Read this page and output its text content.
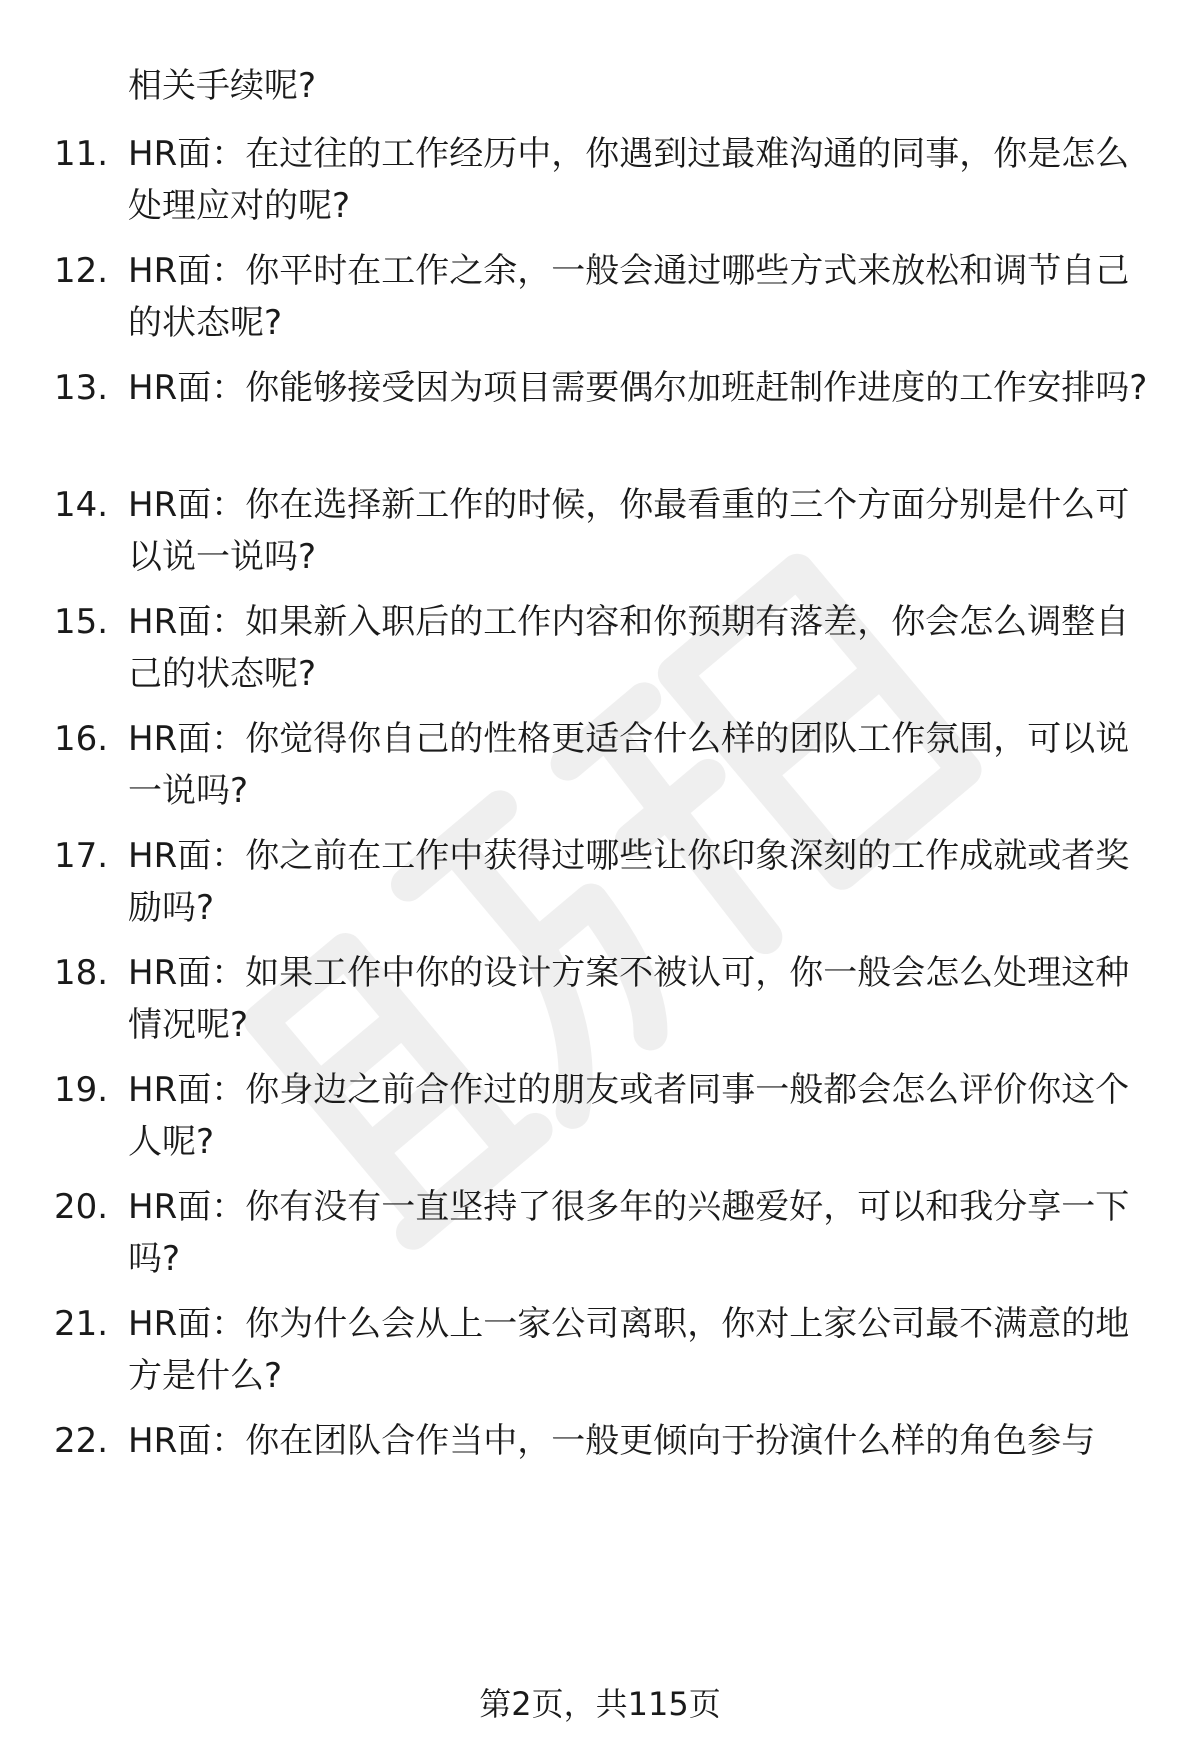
相关手续呢?
11. HR面：在过往的工作经历中，你遇到过最难沟通的同事，你是怎么处理应对的呢?
12. HR面：你平时在工作之余，一般会通过哪些方式来放松和调节自己的状态呢?
13. HR面：你能够接受因为项目需要偶尔加班赶制作进度的工作安排吗?
14. HR面：你在选择新工作的时候，你最看重的三个方面分别是什么可以说一说吗?
15. HR面：如果新入职后的工作内容和你预期有落差，你会怎么调整自己的状态呢?
16. HR面：你觉得你自己的性格更适合什么样的团队工作氛围，可以说一说吗?
17. HR面：你之前在工作中获得过哪些让你印象深刻的工作成就或者奖励吗?
18. HR面：如果工作中你的设计方案不被认可，你一般会怎么处理这种情况呢?
19. HR面：你身边之前合作过的朋友或者同事一般都会怎么评价你这个人呢?
20. HR面：你有没有一直坚持了很多年的兴趣爱好，可以和我分享一下吗?
21. HR面：你为什么会从上一家公司离职，你对上家公司最不满意的地方是什么?
22. HR面：你在团队合作当中，一般更倾向于扮演什么样的角色参与
第2页，共115页
